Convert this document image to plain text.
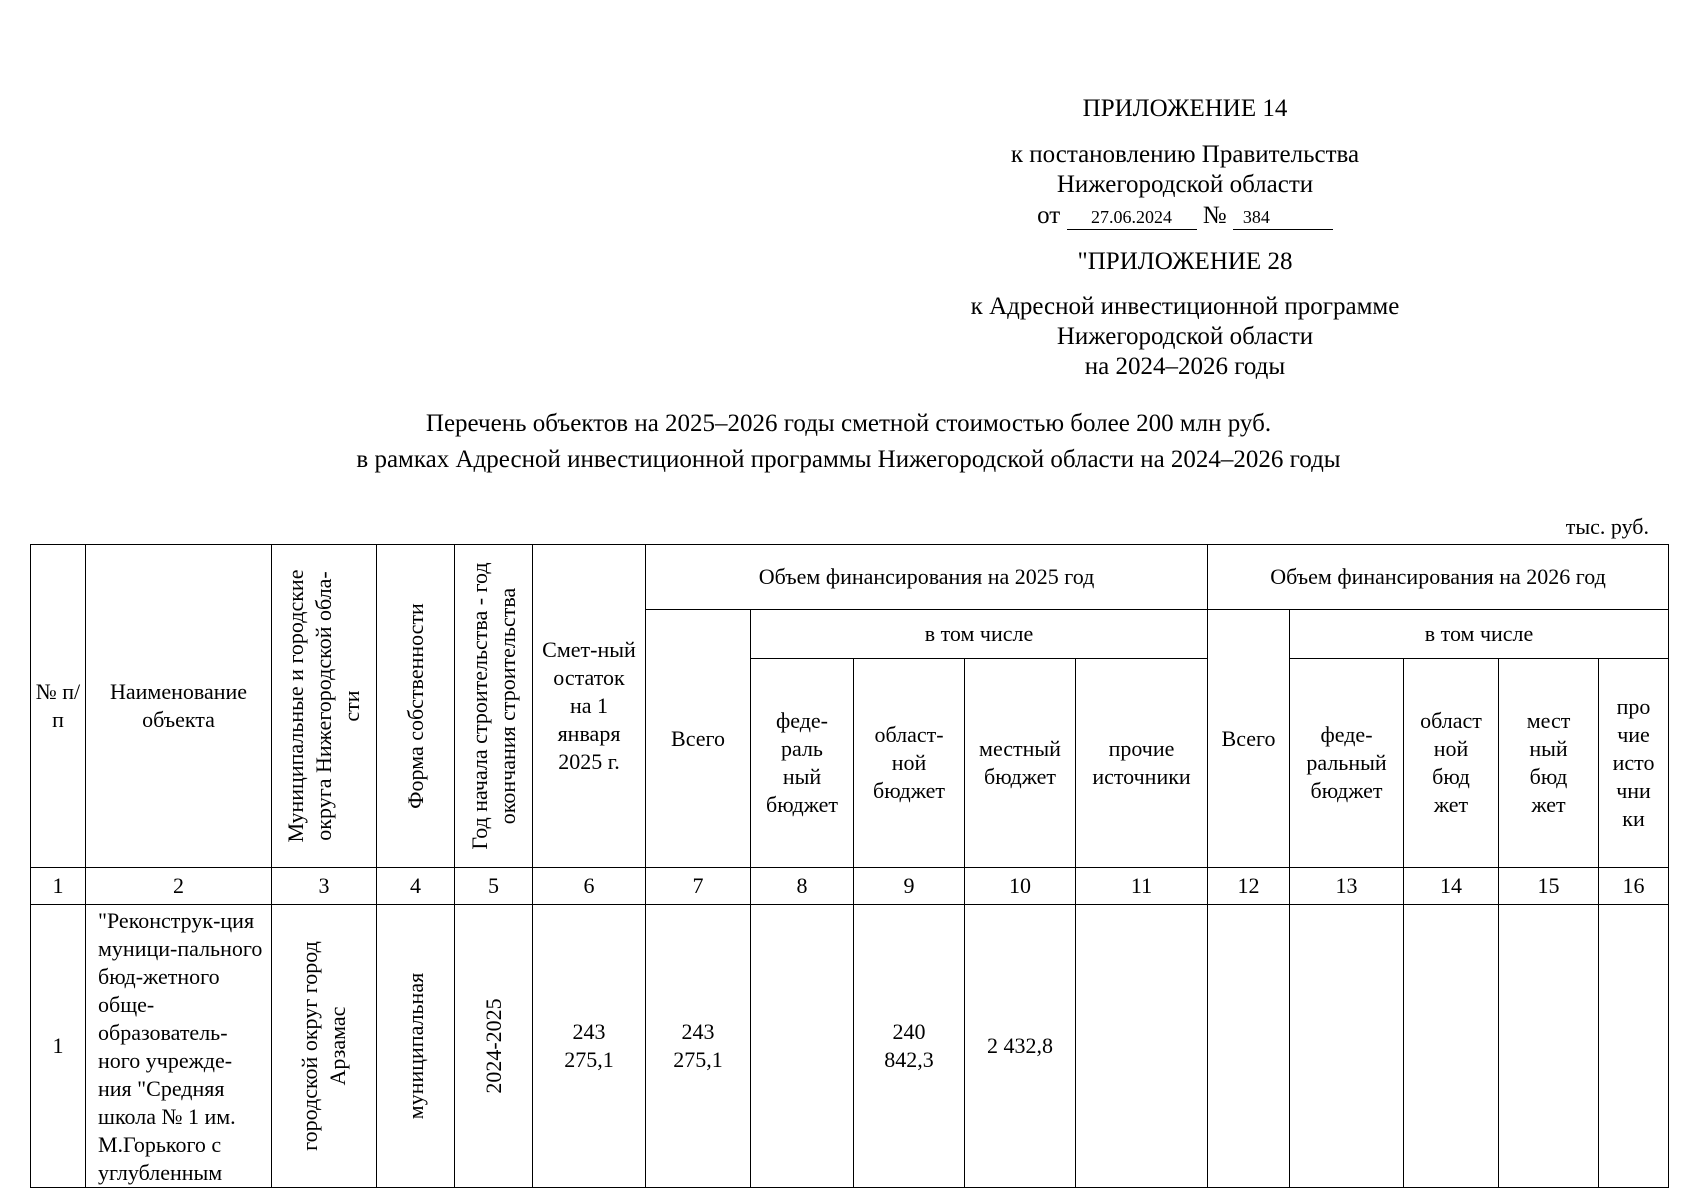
ПРИЛОЖЕНИЕ 14
к постановлению Правительства
Нижегородской области
от 27.06.2024 № 384
"ПРИЛОЖЕНИЕ 28
к Адресной инвестиционной программе
Нижегородской области
на 2024–2026 годы
Перечень объектов на 2025–2026 годы сметной стоимостью более 200 млн руб.
в рамках Адресной инвестиционной программы Нижегородской области на 2024–2026 годы
тыс. руб.
№ п/п	Наименование объекта	Муниципальные и городские округа Нижегородской обла-сти	Форма собственности	Год начала строительства - год окончания строительства	Смет-ный остаток на 1 января 2025 г.	Объем финансирования на 2025 год					Объем финансирования на 2026 год				
						Всего	в том числе				Всего	в том числе			
							феде-раль ный бюджет	област-ной бюджет	местный бюджет	прочие источники		феде-ральный бюджет	област ной бюд жет	мест ный бюд жет	про чие исто чни ки
1	2	3	4	5	6	7	8	9	10	11	12	13	14	15	16
1	"Реконструк-ция муници-пального бюд-жетного обще-образователь-ного учрежде-ния "Средняя школа № 1 им. М.Горького с углубленным	городской округ город Арзамас	муниципальная	2024-2025	243 275,1	243 275,1		240 842,3	2 432,8						
